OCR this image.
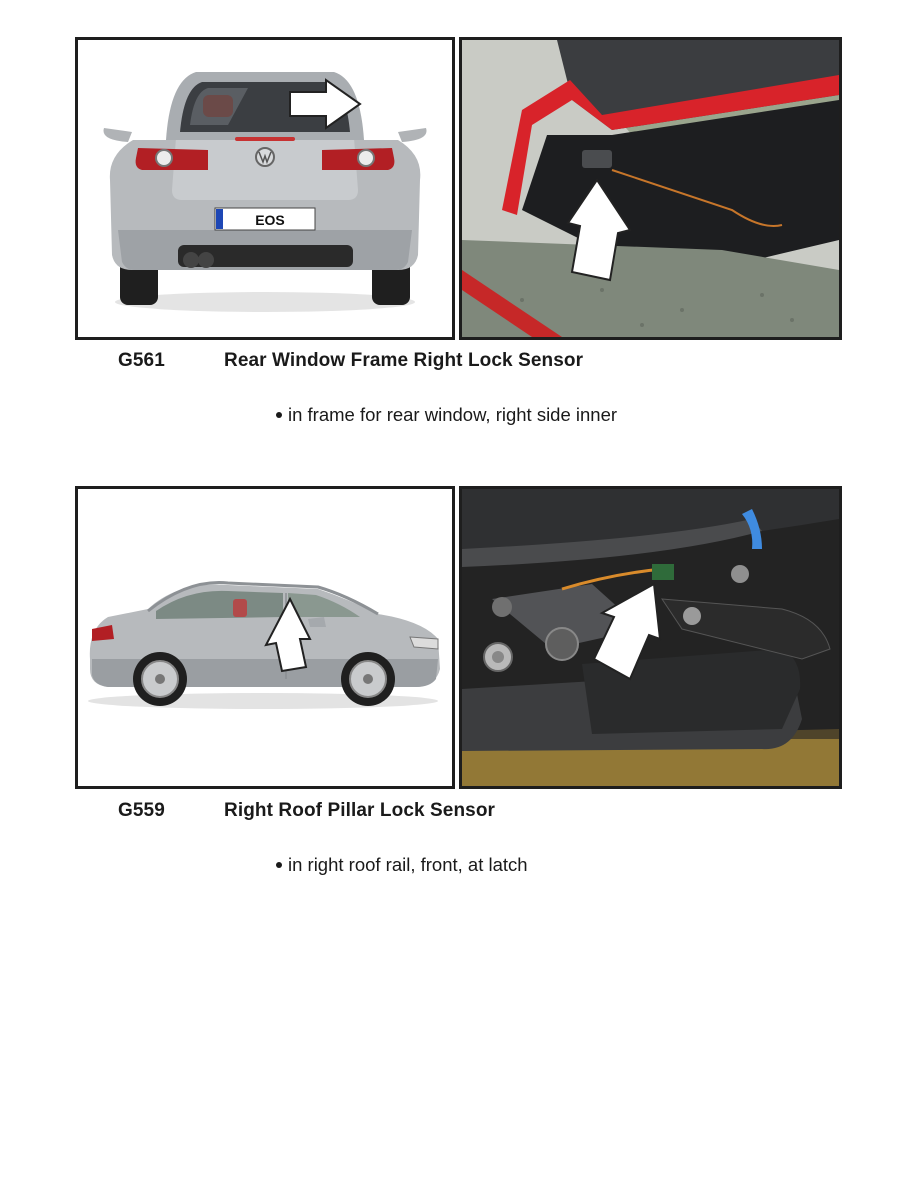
EOS
G561	Rear Window Frame Right Lock Sensor
in frame for rear window, right side inner
G559	Right Roof Pillar Lock Sensor
in right roof rail, front, at latch
